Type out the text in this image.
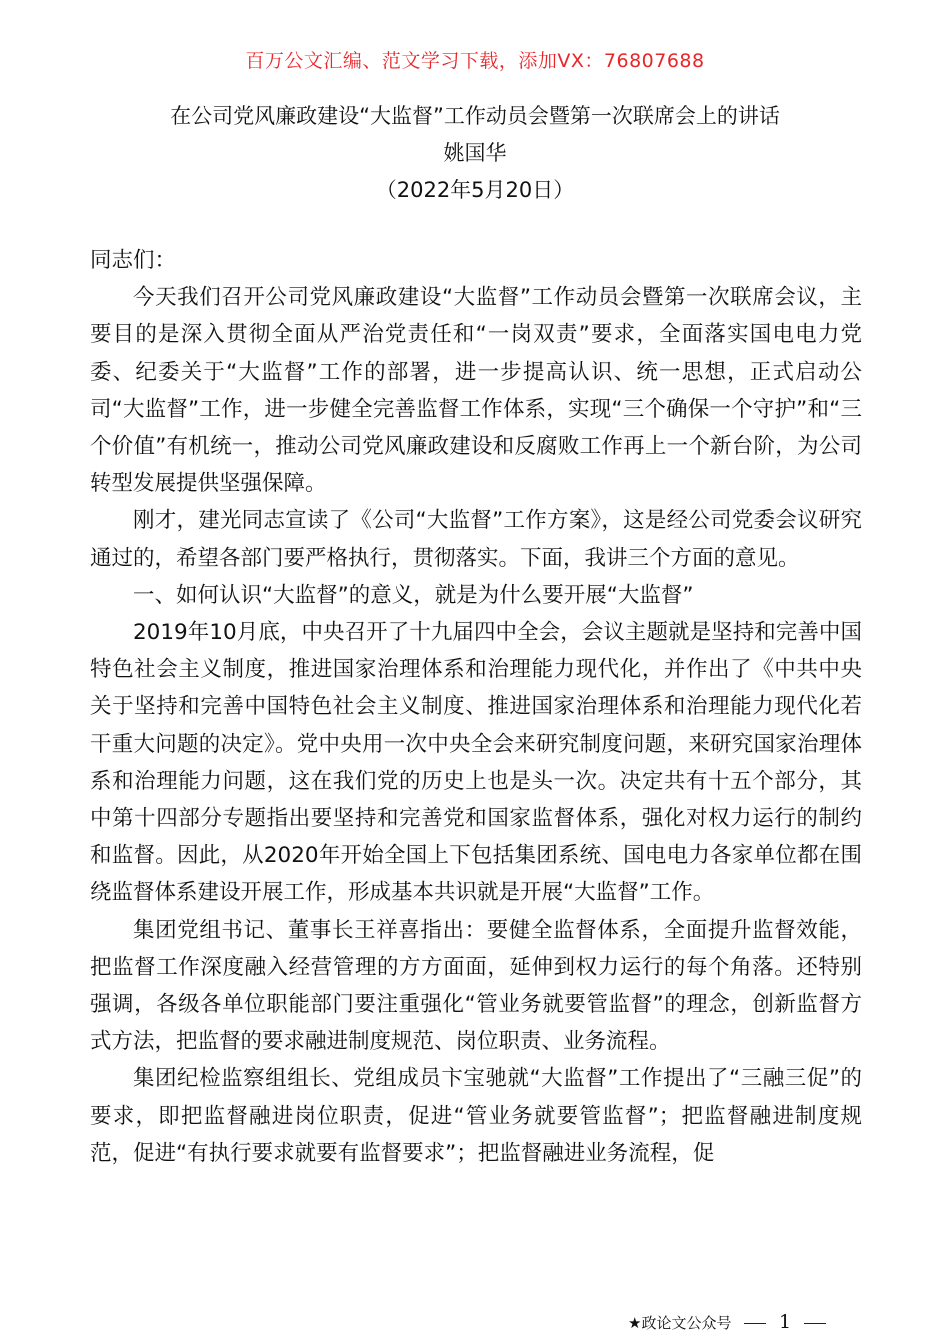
百万公文汇编、范文学习下载，添加VX：76807688
在公司党风廉政建设“大监督”工作动员会暨第一次联席会上的讲话
姚国华
（2022年5月20日）

同志们：

今天我们召开公司党风廉政建设“大监督”工作动员会暨第一次联席会议，主要目的是深入贯彻全面从严治党责任和“一岗双责”要求，全面落实国电电力党委、纪委关于“大监督”工作的部署，进一步提高认识、统一思想，正式启动公司“大监督”工作，进一步健全完善监督工作体系，实现“三个确保一个守护”和“三个价值”有机统一，推动公司党风廉政建设和反腐败工作再上一个新台阶，为公司转型发展提供坚强保障。

刚才，建光同志宣读了《公司“大监督”工作方案》，这是经公司党委会议研究通过的，希望各部门要严格执行，贯彻落实。下面，我讲三个方面的意见。

一、如何认识“大监督”的意义，就是为什么要开展“大监督”

2019年10月底，中央召开了十九届四中全会，会议主题就是坚持和完善中国特色社会主义制度，推进国家治理体系和治理能力现代化，并作出了《中共中央关于坚持和完善中国特色社会主义制度、推进国家治理体系和治理能力现代化若干重大问题的决定》。党中央用一次中央全会来研究制度问题，来研究国家治理体系和治理能力问题，这在我们党的历史上也是头一次。决定共有十五个部分，其中第十四部分专题指出要坚持和完善党和国家监督体系，强化对权力运行的制约和监督。因此，从2020年开始全国上下包括集团系统、国电电力各家单位都在围绕监督体系建设开展工作，形成基本共识就是开展“大监督”工作。

集团党组书记、董事长王祥喜指出：要健全监督体系，全面提升监督效能，把监督工作深度融入经营管理的方方面面，延伸到权力运行的每个角落。还特别强调，各级各单位职能部门要注重强化“管业务就要管监督”的理念，创新监督方式方法，把监督的要求融进制度规范、岗位职责、业务流程。

集团纪检监察组组长、党组成员卞宝驰就“大监督”工作提出了“三融三促”的要求，即把监督融进岗位职责，促进“管业务就要管监督”；把监督融进制度规范，促进“有执行要求就要有监督要求”；把监督融进业务流程，促

★政论文公众号	1
